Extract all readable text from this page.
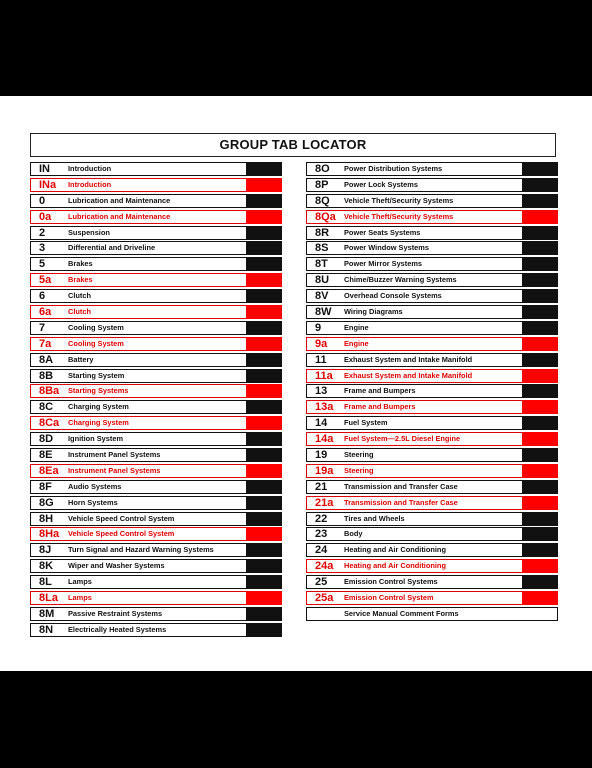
GROUP TAB LOCATOR
IN Introduction
INa Introduction
0	Lubrication and Maintenance
0a Lubrication and Maintenance
2	Suspension
3	Differential and Driveline
5	Brakes
5a Brakes
6	Clutch
6a Clutch
7	Cooling System
7a Cooling System
8A Battery
8B Starting System
8Ba Starting Systems
8C Charging System
8Ca Charging System
8D Ignition System
8E Instrument Panel Systems
8Ea Instrument Panel Systems
8F Audio Systems
8G Horn Systems
8H Vehicle Speed Control System
8Ha Vehicle Speed Control System
8J Turn Signal and Hazard Warning Systems
8K Wiper and Washer Systems
8L Lamps
8La Lamps
8M Passive Restraint Systems
8N Electrically Heated Systems
8O Power Distribution Systems
8P Power Lock Systems
8Q Vehicle Theft/Security Systems
8Qa Vehicle Theft/Security Systems
8R Power Seats Systems
8S Power Window Systems
8T Power Mirror Systems
8U Chime/Buzzer Warning Systems
8V Overhead Console Systems
8W Wiring Diagrams
9	Engine
9a Engine
11 Exhaust System and Intake Manifold
11a Exhaust System and Intake Manifold
13 Frame and Bumpers
13a Frame and Bumpers
14 Fuel System
14a Fuel System—2.5L Diesel Engine
19 Steering
19a Steering
21 Transmission and Transfer Case
21a Transmission and Transfer Case
22 Tires and Wheels
23 Body
24 Heating and Air Conditioning
24a Heating and Air Conditioning
25 Emission Control Systems
25a Emission Control System
Service Manual Comment Forms
